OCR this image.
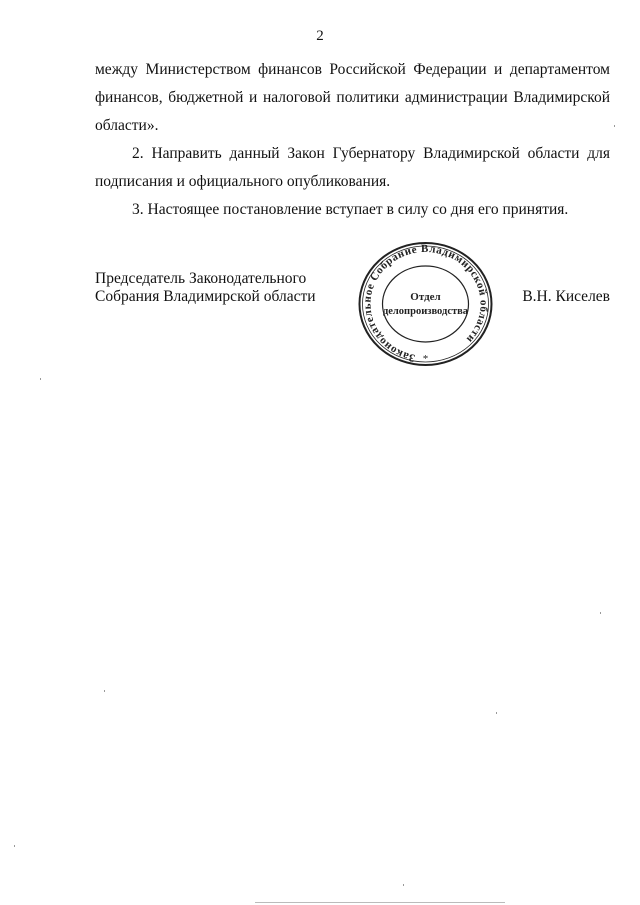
2
между Министерством финансов Российской Федерации и департаментом
финансов, бюджетной и налоговой политики администрации Владимирской
области».
2. Направить данный Закон Губернатору Владимирской области для
подписания и официального опубликования.
3. Настоящее постановление вступает в силу со дня его принятия.
Председатель Законодательного
Собрания Владимирской области	В.Н. Киселев
Законодательное Собрание Владимирской области
*
Отдел
делопроизводства
